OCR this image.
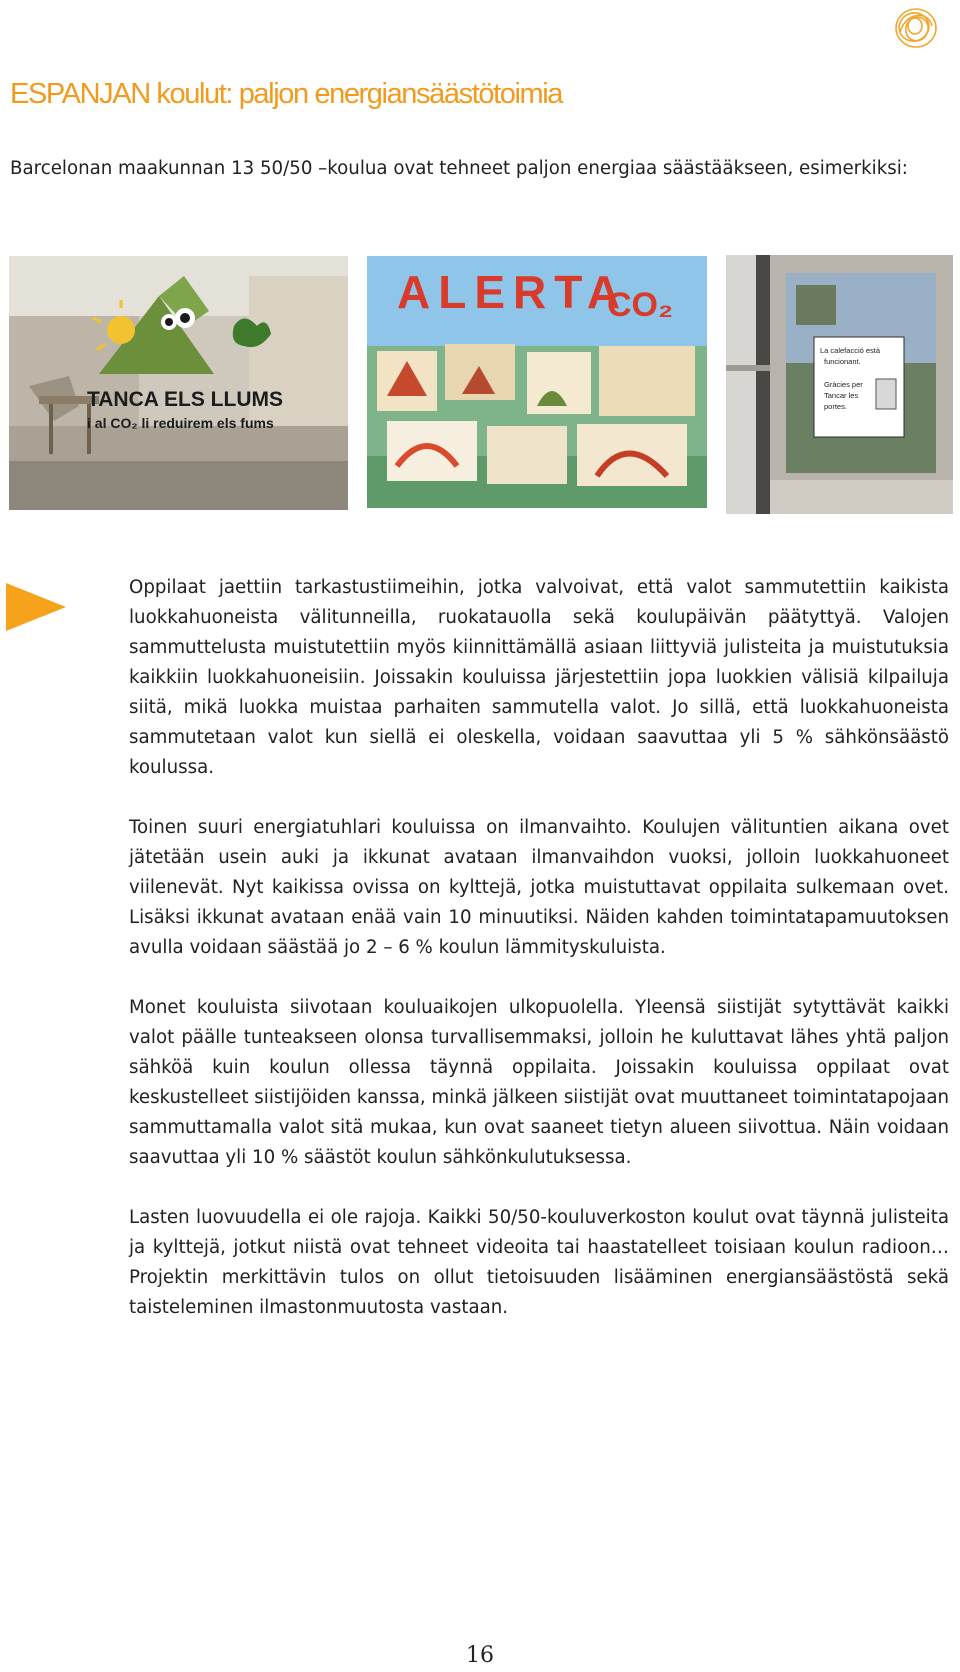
ESPANJAN koulut: paljon energiansäästötoimia

Barcelonan maakunnan 13 50/50 –koulua ovat tehneet paljon energiaa säästääkseen, esimerkiksi:

TANCA ELS LLUMS
i al CO₂ li reduirem els fums
ALERTA
CO₂
La calefacció està
funcionant.
Gràcies per
Tancar les
portes.

Oppilaat jaettiin tarkastustiimeihin, jotka valvoivat, että valot sammutettiin kaikista luokkahuoneista välitunneilla, ruokatauolla sekä koulupäivän päätyttyä. Valojen sammuttelusta muistutettiin myös kiinnittämällä asiaan liittyviä julisteita ja muistutuksia kaikkiin luokkahuoneisiin. Joissakin kouluissa järjestettiin jopa luokkien välisiä kilpailuja siitä, mikä luokka muistaa parhaiten sammutella valot. Jo sillä, että luokkahuoneista sammutetaan valot kun siellä ei oleskella, voidaan saavuttaa yli 5 % sähkönsäästö koulussa.

Toinen suuri energiatuhlari kouluissa on ilmanvaihto. Koulujen välituntien aikana ovet jätetään usein auki ja ikkunat avataan ilmanvaihdon vuoksi, jolloin luokkahuoneet viilenevät. Nyt kaikissa ovissa on kylttejä, jotka muistuttavat oppilaita sulkemaan ovet. Lisäksi ikkunat avataan enää vain 10 minuutiksi. Näiden kahden toimintatapamuutoksen avulla voidaan säästää jo 2 – 6 % koulun lämmityskuluista.

Monet kouluista siivotaan kouluaikojen ulkopuolella. Yleensä siistijät sytyttävät kaikki valot päälle tunteakseen olonsa turvallisemmaksi, jolloin he kuluttavat lähes yhtä paljon sähköä kuin koulun ollessa täynnä oppilaita. Joissakin kouluissa oppilaat ovat keskustelleet siistijöiden kanssa, minkä jälkeen siistijät ovat muuttaneet toimintatapojaan sammuttamalla valot sitä mukaa, kun ovat saaneet tietyn alueen siivottua. Näin voidaan saavuttaa yli 10 % säästöt koulun sähkönkulutuksessa.

Lasten luovuudella ei ole rajoja. Kaikki 50/50-kouluverkoston koulut ovat täynnä julisteita ja kylttejä, jotkut niistä ovat tehneet videoita tai haastatelleet toisiaan koulun radioon… Projektin merkittävin tulos on ollut tietoisuuden lisääminen energiansäästöstä sekä taisteleminen ilmastonmuutosta vastaan.

16
